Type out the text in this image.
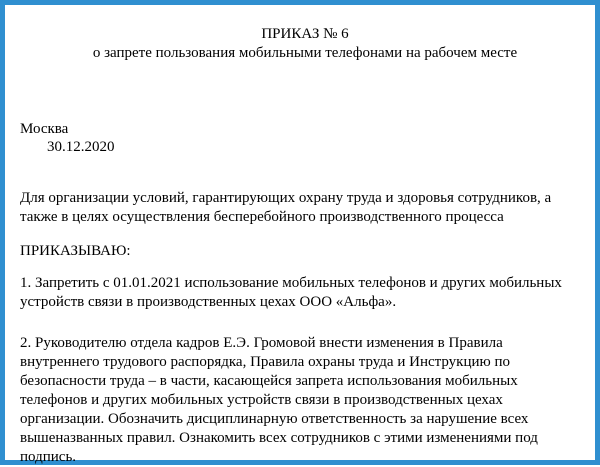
ПРИКАЗ № 6
о запрете пользования мобильными телефонами на рабочем месте
Москва
30.12.2020

Для организации условий, гарантирующих охрану труда и здоровья сотрудников, а также в целях осуществления бесперебойного производственного процесса

ПРИКАЗЫВАЮ:

1. Запретить с 01.01.2021 использование мобильных телефонов и других мобильных устройств связи в производственных цехах ООО «Альфа».

2. Руководителю отдела кадров Е.Э. Громовой внести изменения в Правила внутреннего трудового распорядка, Правила охраны труда и Инструкцию по безопасности труда – в части, касающейся запрета использования мобильных телефонов и других мобильных устройств связи в производственных цехах организации. Обозначить дисциплинарную ответственность за нарушение всех вышеназванных правил. Ознакомить всех сотрудников с этими изменениями под подпись.
